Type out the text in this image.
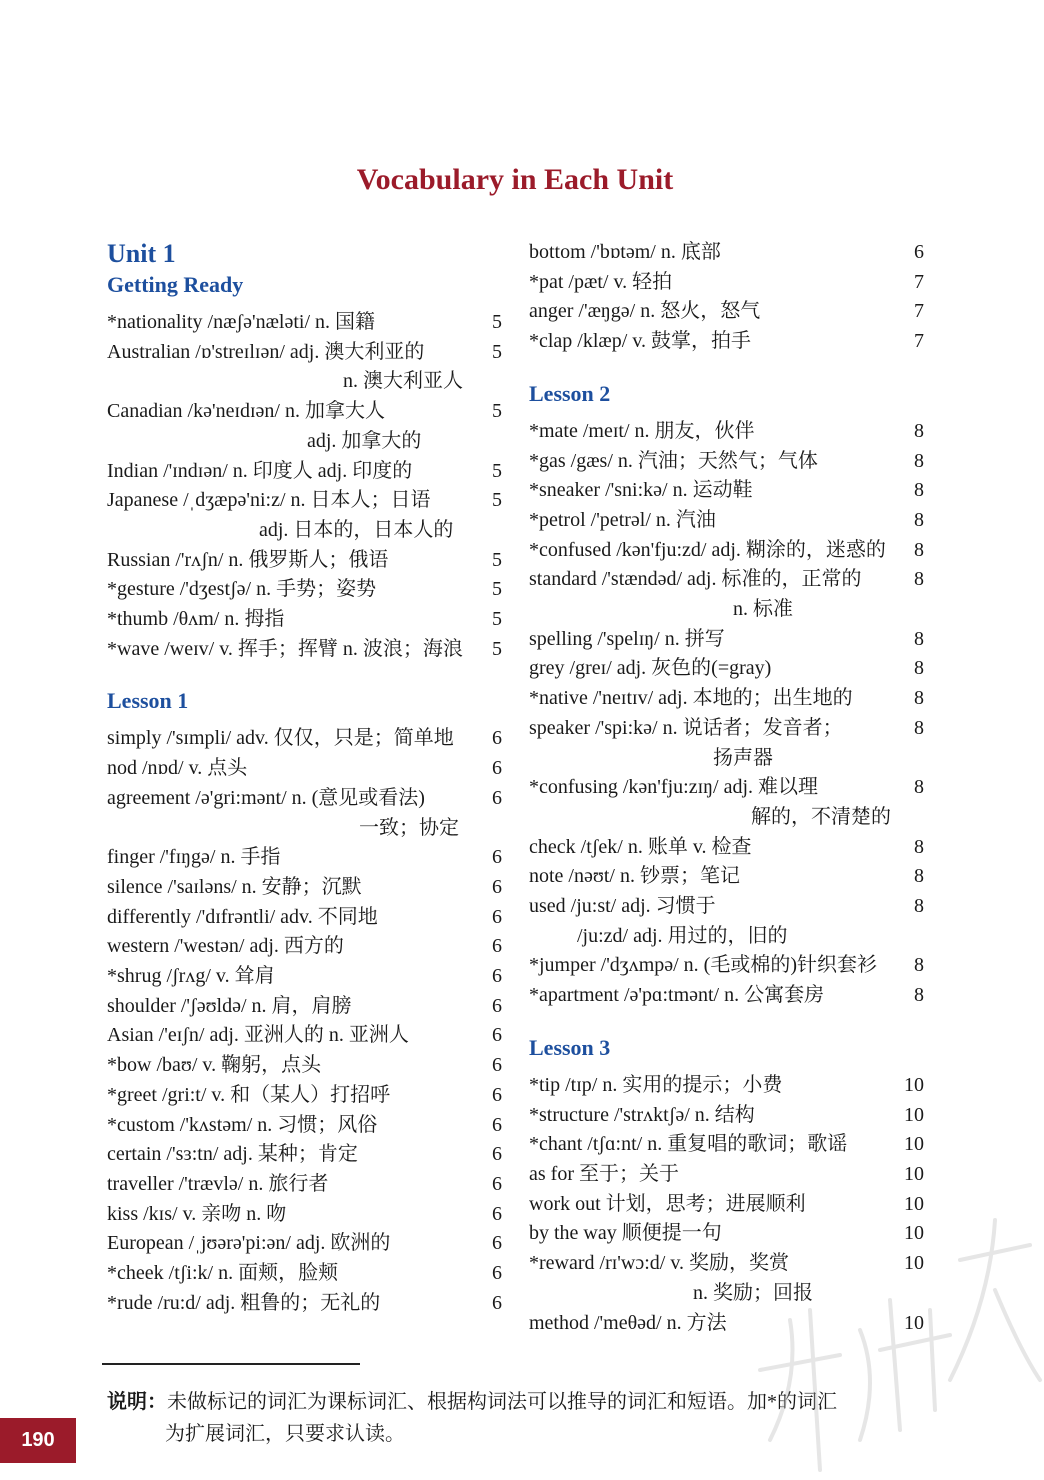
Vocabulary in Each Unit
Unit 1
Getting Ready
*nationality /næʃə'næləti/ n. 国籍	5
Australian /ɒ'streɪlɪən/ adj. 澳大利亚的	5
n. 澳大利亚人
Canadian /kə'neɪdɪən/ n. 加拿大人	5
adj. 加拿大的
Indian /'ɪndɪən/ n. 印度人 adj. 印度的	5
Japanese /ˌdʒæpə'ni:z/ n. 日本人；日语	5
adj. 日本的，日本人的
Russian /'rʌʃn/ n. 俄罗斯人；俄语	5
*gesture /'dʒestʃə/ n. 手势；姿势	5
*thumb /θʌm/ n. 拇指	5
*wave /weɪv/ v. 挥手；挥臂 n. 波浪；海浪 5
Lesson 1
simply /'sɪmpli/ adv. 仅仅，只是；简单地 6
nod /nɒd/ v. 点头	6
agreement /ə'gri:mənt/ n. (意见或看法)	6
一致；协定
finger /'fɪŋgə/ n. 手指	6
silence /'saɪləns/ n. 安静；沉默	6
differently /'dɪfrəntli/ adv. 不同地	6
western /'westən/ adj. 西方的	6
*shrug /ʃrʌg/ v. 耸肩	6
shoulder /'ʃəʊldə/ n. 肩，肩膀	6
Asian /'eɪʃn/ adj. 亚洲人的 n. 亚洲人	6
*bow /baʊ/ v. 鞠躬，点头	6
*greet /gri:t/ v. 和（某人）打招呼	6
*custom /'kʌstəm/ n. 习惯；风俗	6
certain /'sɜ:tn/ adj. 某种；肯定	6
traveller /'trævlə/ n. 旅行者	6
kiss /kɪs/ v. 亲吻 n. 吻	6
European /ˌjʊərə'pi:ən/ adj. 欧洲的	6
*cheek /tʃi:k/ n. 面颊，脸颊	6
*rude /ru:d/ adj. 粗鲁的；无礼的	6
bottom /'bɒtəm/ n. 底部	6
*pat /pæt/ v. 轻拍	7
anger /'æŋgə/ n. 怒火，怒气	7
*clap /klæp/ v. 鼓掌，拍手	7
Lesson 2
*mate /meɪt/ n. 朋友，伙伴	8
*gas /gæs/ n. 汽油；天然气；气体	8
*sneaker /'sni:kə/ n. 运动鞋	8
*petrol /'petrəl/ n. 汽油	8
*confused /kən'fju:zd/ adj. 糊涂的，迷惑的 8
standard /'stændəd/ adj. 标准的，正常的	8
n. 标准
spelling /'spelɪŋ/ n. 拼写	8
grey /greɪ/ adj. 灰色的(=gray)	8
*native /'neɪtɪv/ adj. 本地的；出生地的	8
speaker /'spi:kə/ n. 说话者；发音者；	8
扬声器
*confusing /kən'fju:zɪŋ/ adj. 难以理	8
解的，不清楚的
check /tʃek/ n. 账单 v. 检查	8
note /nəʊt/ n. 钞票；笔记	8
used /ju:st/ adj. 习惯于	8
/ju:zd/ adj. 用过的，旧的
*jumper /'dʒʌmpə/ n. (毛或棉的)针织套衫 8
*apartment /ə'pɑ:tmənt/ n. 公寓套房	8
Lesson 3
*tip /tɪp/ n. 实用的提示；小费	10
*structure /'strʌktʃə/ n. 结构	10
*chant /tʃɑ:nt/ n. 重复唱的歌词；歌谣	10
as for 至于；关于	10
work out 计划，思考；进展顺利	10
by the way 顺便提一句	10
*reward /rɪ'wɔ:d/ v. 奖励，奖赏	10
n. 奖励；回报
method /'meθəd/ n. 方法	10
说明：未做标记的词汇为课标词汇、根据构词法可以推导的词汇和短语。加*的词汇
为扩展词汇，只要求认读。
190
